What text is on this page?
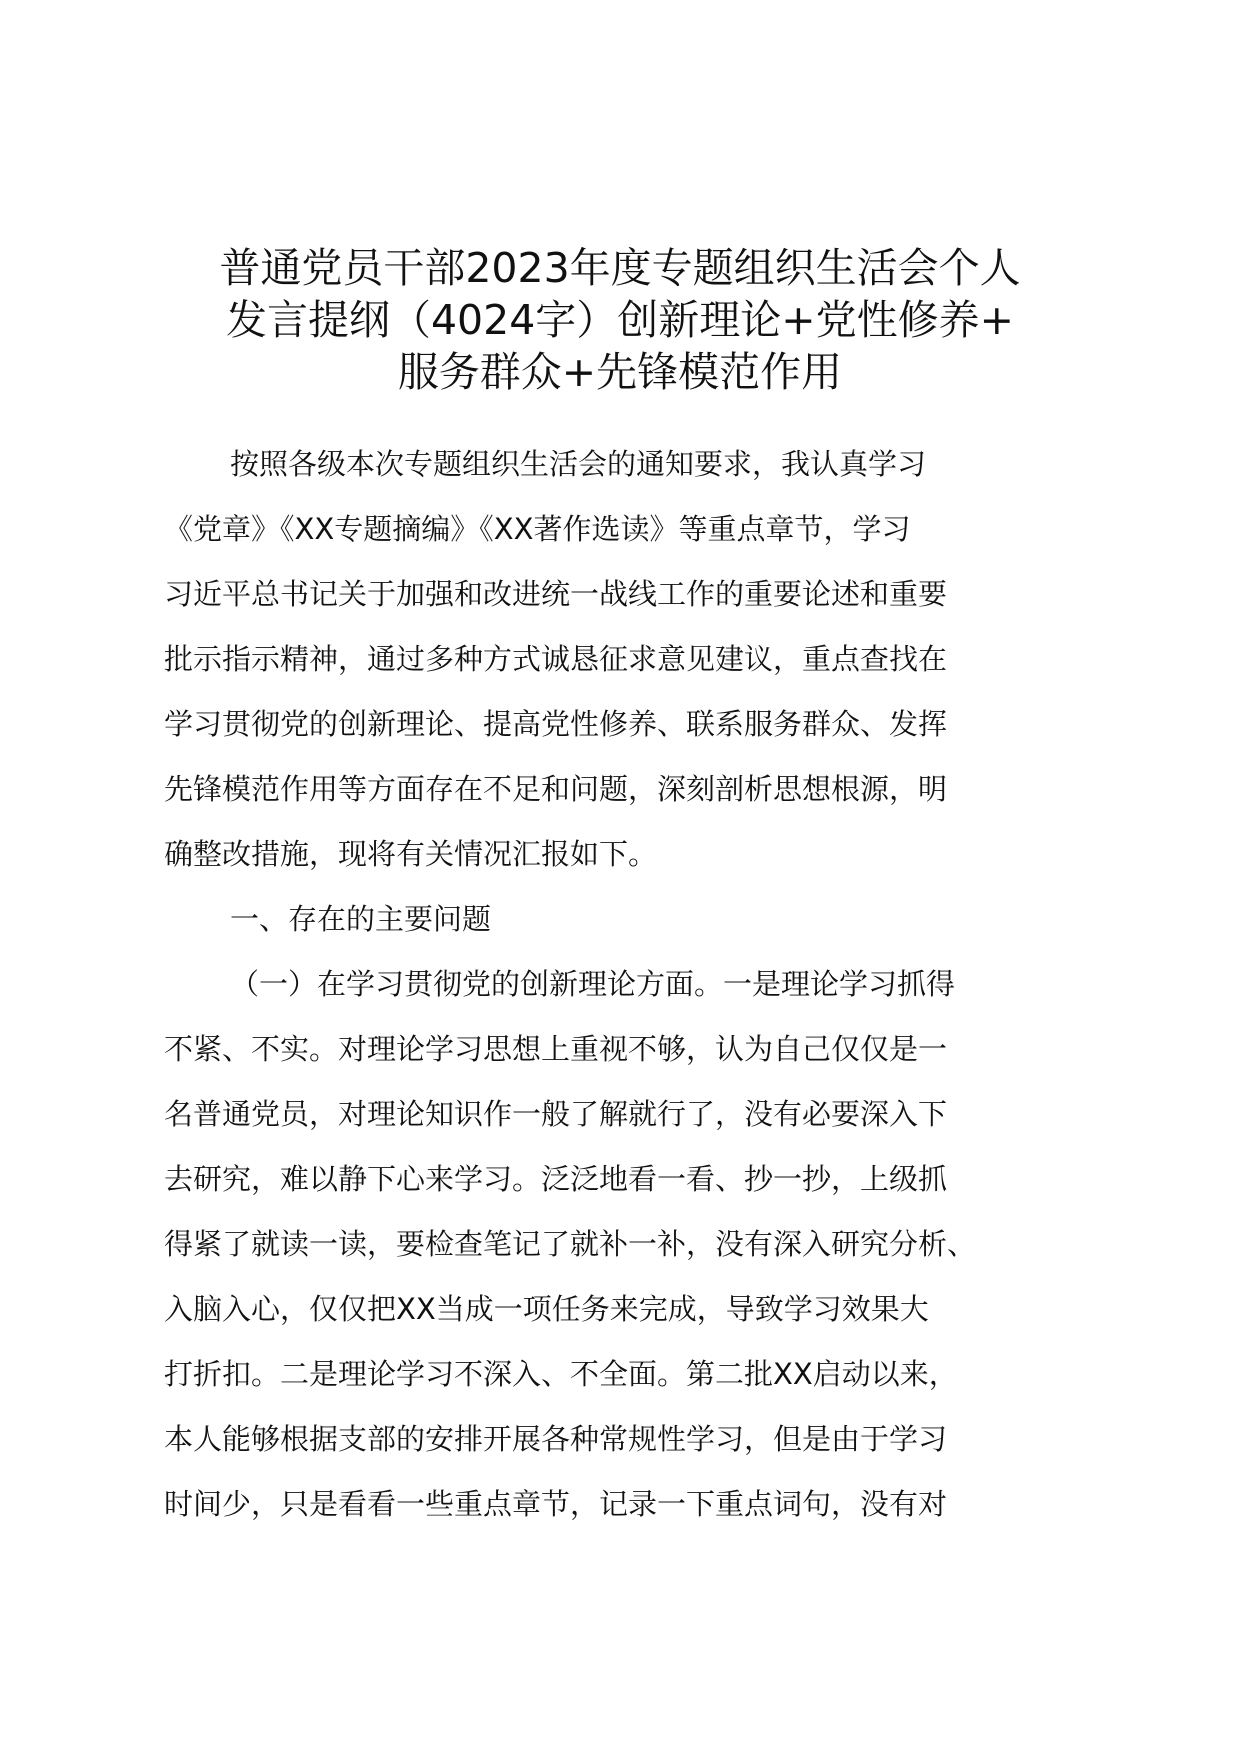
普通党员干部2023年度专题组织生活会个人
发言提纲（4024字）创新理论+党性修养+
服务群众+先锋模范作用
按照各级本次专题组织生活会的通知要求，我认真学习
《党章》《XX专题摘编》《XX著作选读》等重点章节，学习
习近平总书记关于加强和改进统一战线工作的重要论述和重要
批示指示精神，通过多种方式诚恳征求意见建议，重点查找在
学习贯彻党的创新理论、提高党性修养、联系服务群众、发挥
先锋模范作用等方面存在不足和问题，深刻剖析思想根源，明
确整改措施，现将有关情况汇报如下。
一、存在的主要问题
（一）在学习贯彻党的创新理论方面。一是理论学习抓得
不紧、不实。对理论学习思想上重视不够，认为自己仅仅是一
名普通党员，对理论知识作一般了解就行了，没有必要深入下
去研究，难以静下心来学习。泛泛地看一看、抄一抄，上级抓
得紧了就读一读，要检查笔记了就补一补，没有深入研究分析、
入脑入心，仅仅把XX当成一项任务来完成，导致学习效果大
打折扣。二是理论学习不深入、不全面。第二批XX启动以来，
本人能够根据支部的安排开展各种常规性学习，但是由于学习
时间少，只是看看一些重点章节，记录一下重点词句，没有对
